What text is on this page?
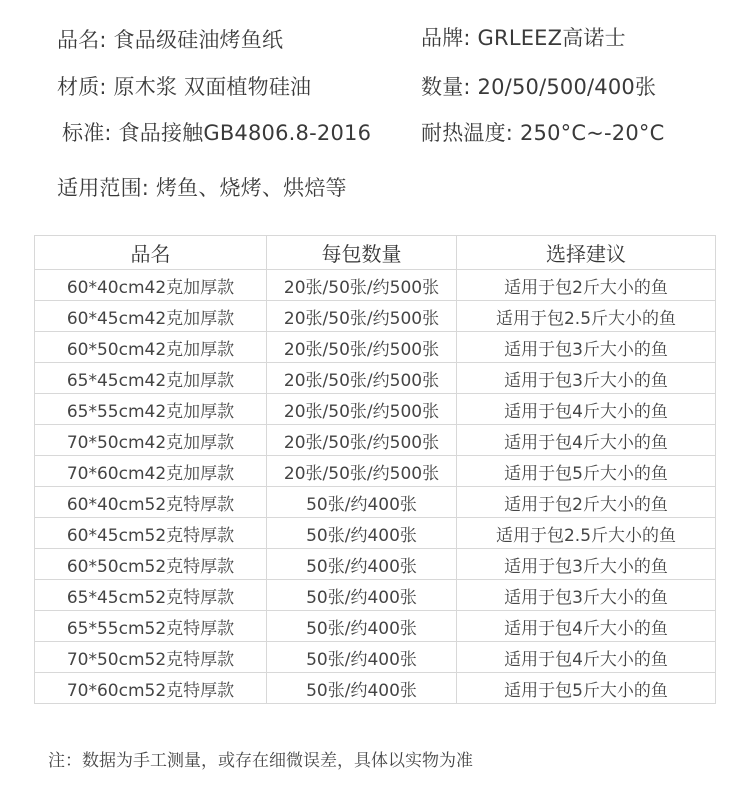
品名: 食品级硅油烤鱼纸	品牌: GRLEEZ高诺士
材质: 原木浆 双面植物硅油	数量: 20/50/500/400张
标准: 食品接触GB4806.8-2016 耐热温度: 250°C~-20°C
适用范围: 烤鱼、烧烤、烘焙等
品名	每包数量	选择建议
60*40cm42克加厚款	20张/50张/约500张	适用于包2斤大小的鱼
60*45cm42克加厚款	20张/50张/约500张	适用于包2.5斤大小的鱼
60*50cm42克加厚款	20张/50张/约500张	适用于包3斤大小的鱼
65*45cm42克加厚款	20张/50张/约500张	适用于包3斤大小的鱼
65*55cm42克加厚款	20张/50张/约500张	适用于包4斤大小的鱼
70*50cm42克加厚款	20张/50张/约500张	适用于包4斤大小的鱼
70*60cm42克加厚款	20张/50张/约500张	适用于包5斤大小的鱼
60*40cm52克特厚款	50张/约400张	适用于包2斤大小的鱼
60*45cm52克特厚款	50张/约400张	适用于包2.5斤大小的鱼
60*50cm52克特厚款	50张/约400张	适用于包3斤大小的鱼
65*45cm52克特厚款	50张/约400张	适用于包3斤大小的鱼
65*55cm52克特厚款	50张/约400张	适用于包4斤大小的鱼
70*50cm52克特厚款	50张/约400张	适用于包4斤大小的鱼
70*60cm52克特厚款	50张/约400张	适用于包5斤大小的鱼
注：数据为手工测量，或存在细微误差，具体以实物为准
